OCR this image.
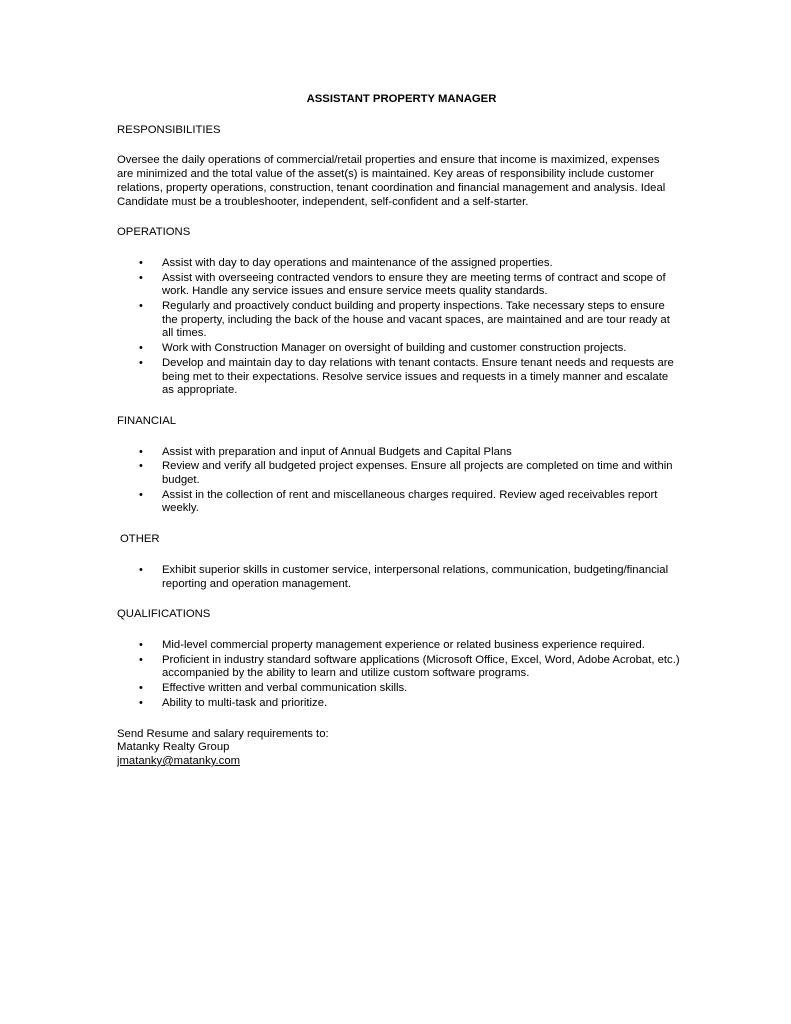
ASSISTANT PROPERTY MANAGER
RESPONSIBILITIES
Oversee the daily operations of commercial/retail properties and ensure that income is maximized, expenses are minimized and the total value of the asset(s) is maintained. Key areas of responsibility include customer relations, property operations, construction, tenant coordination and financial management and analysis. Ideal Candidate must be a troubleshooter, independent, self-confident and a self-starter.
OPERATIONS
• Assist with day to day operations and maintenance of the assigned properties.
• Assist with overseeing contracted vendors to ensure they are meeting terms of contract and scope of work. Handle any service issues and ensure service meets quality standards.
• Regularly and proactively conduct building and property inspections. Take necessary steps to ensure the property, including the back of the house and vacant spaces, are maintained and are tour ready at all times.
• Work with Construction Manager on oversight of building and customer construction projects.
• Develop and maintain day to day relations with tenant contacts. Ensure tenant needs and requests are being met to their expectations. Resolve service issues and requests in a timely manner and escalate as appropriate.
FINANCIAL
• Assist with preparation and input of Annual Budgets and Capital Plans
• Review and verify all budgeted project expenses. Ensure all projects are completed on time and within budget.
• Assist in the collection of rent and miscellaneous charges required. Review aged receivables report weekly.
OTHER
• Exhibit superior skills in customer service, interpersonal relations, communication, budgeting/financial reporting and operation management.
QUALIFICATIONS
• Mid-level commercial property management experience or related business experience required.
• Proficient in industry standard software applications (Microsoft Office, Excel, Word, Adobe Acrobat, etc.) accompanied by the ability to learn and utilize custom software programs.
• Effective written and verbal communication skills.
• Ability to multi-task and prioritize.
Send Resume and salary requirements to:
Matanky Realty Group
jmatanky@matanky.com
